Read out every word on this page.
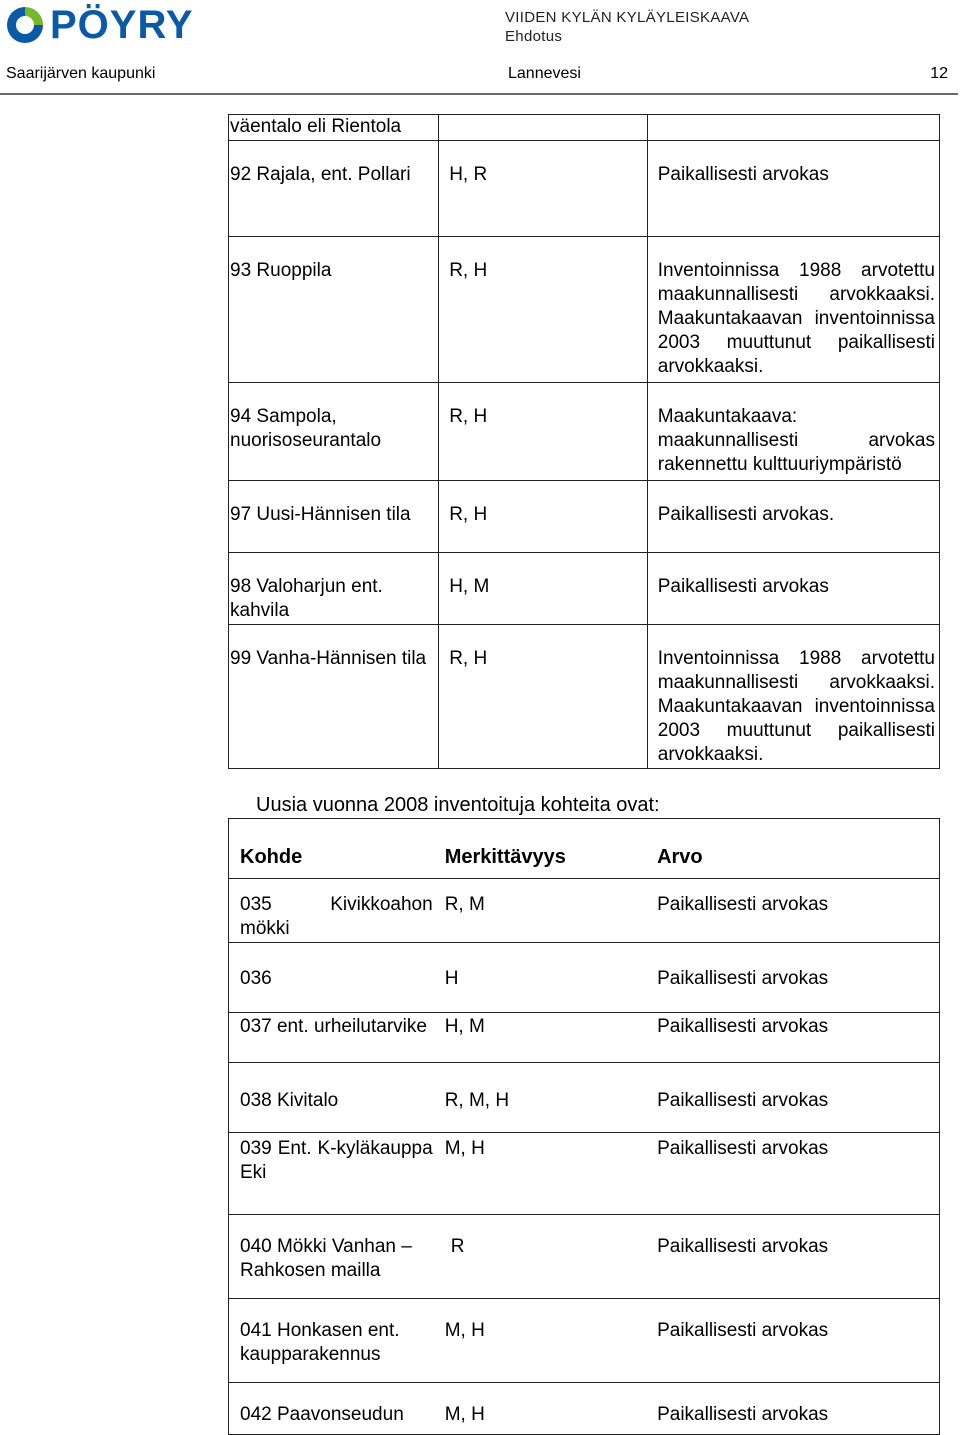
PÖYRY	VIIDEN KYLÄN KYLÄYLEISKAAVA
Ehdotus
Saarijärven kaupunki	Lannevesi	12
väentalo eli Rientola		
92 Rajala, ent. Pollari	H, R	Paikallisesti arvokas
93 Ruoppila	R, H	Inventoinnissa 1988 arvotettu maakunnallisesti arvokkaaksi. Maakuntakaavan inventoinnissa 2003 muuttunut paikallisesti arvokkaaksi.
94 Sampola, nuorisoseurantalo	R, H	Maakuntakaava: maakunnallisesti arvokas rakennettu kulttuuriympäristö
97 Uusi-Hännisen tila	R, H	Paikallisesti arvokas.
98 Valoharjun ent. kahvila	H, M	Paikallisesti arvokas
99 Vanha-Hännisen tila	R, H	Inventoinnissa 1988 arvotettu maakunnallisesti arvokkaaksi. Maakuntakaavan inventoinnissa 2003 muuttunut paikallisesti arvokkaaksi.
Uusia vuonna 2008 inventoituja kohteita ovat:
Kohde	Merkittävyys	Arvo
035 Kivikkoahon mökki	R, M	Paikallisesti arvokas
036	H	Paikallisesti arvokas
037 ent. urheilutarvike	H, M	Paikallisesti arvokas
038 Kivitalo	R, M, H	Paikallisesti arvokas
039 Ent. K-kyläkauppa Eki	M, H	Paikallisesti arvokas
040 Mökki Vanhan – Rahkosen mailla	R	Paikallisesti arvokas
041 Honkasen ent. kaupparakennus	M, H	Paikallisesti arvokas
042 Paavonseudun	M, H	Paikallisesti arvokas
